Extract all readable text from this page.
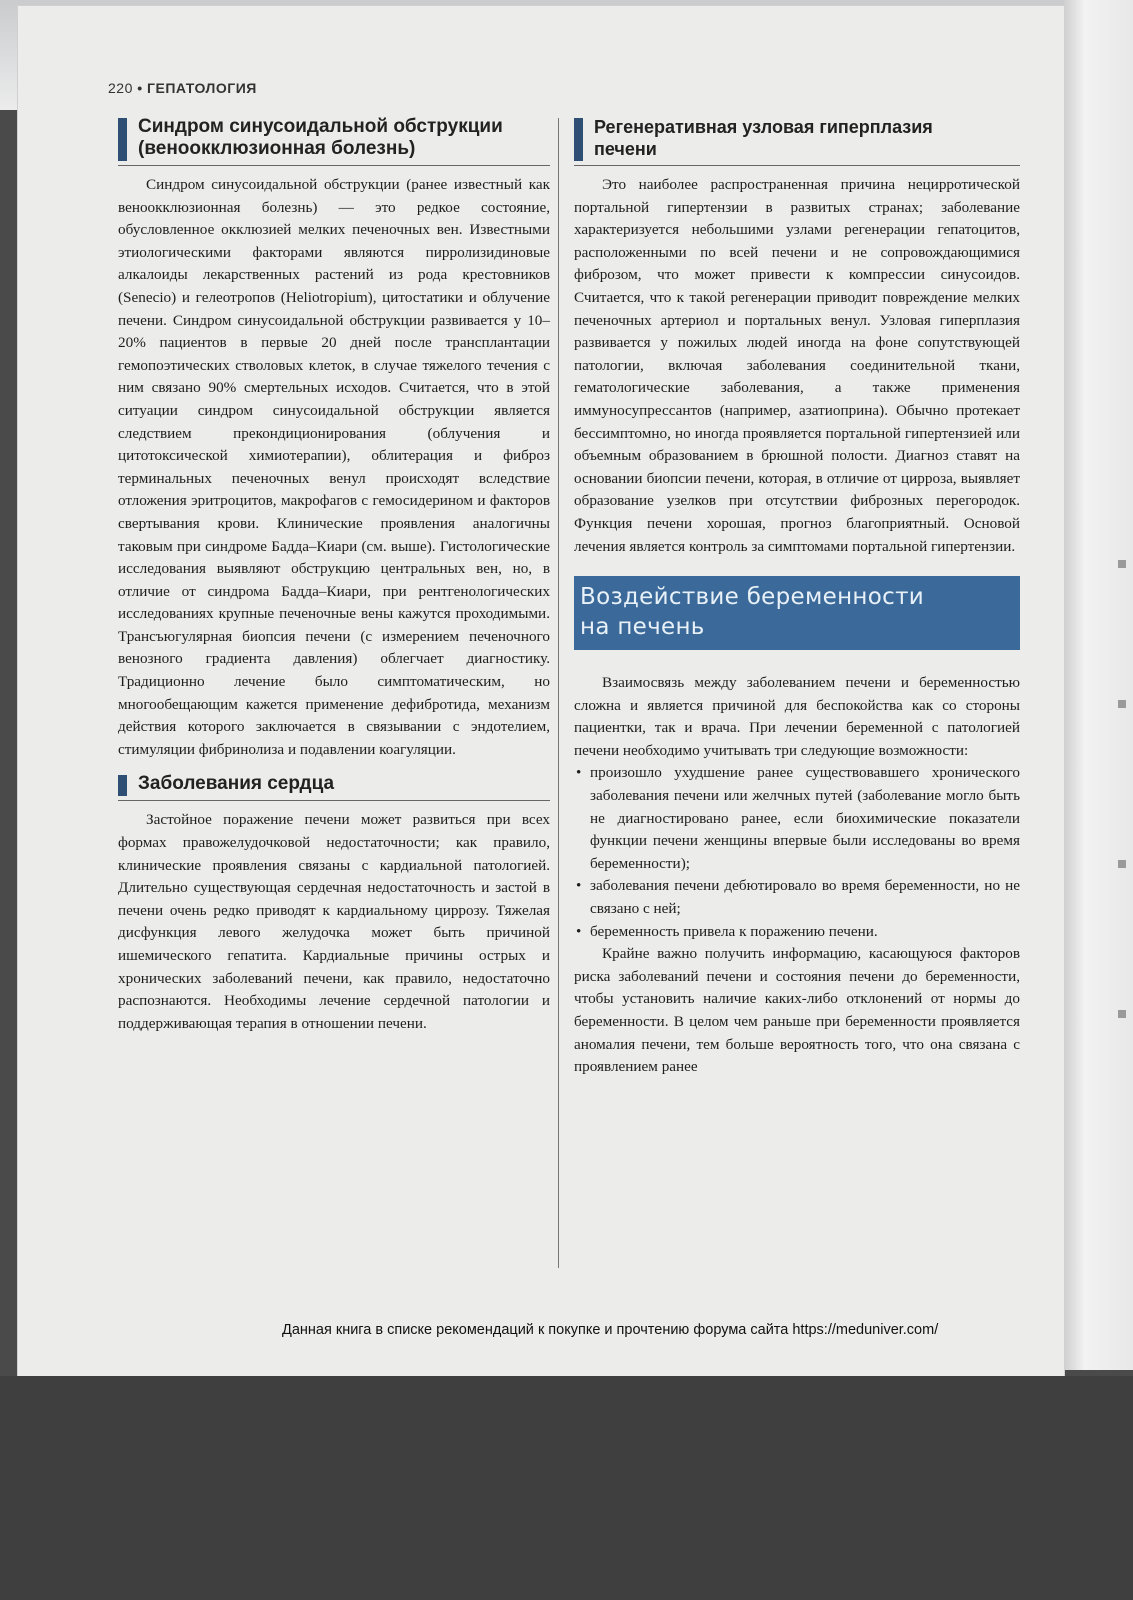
220 • ГЕПАТОЛОГИЯ
Синдром синусоидальной обструкции
(веноокклюзионная болезнь)

Синдром синусоидальной обструкции (ранее известный как веноокклюзионная болезнь) — это редкое состояние, обусловленное окклюзией мелких печеночных вен. Известными этиологическими факторами являются пирролизидиновые алкалоиды лекарственных растений из рода крестовников (Senecio) и гелеотропов (Heliotropium), цитостатики и облучение печени. Синдром синусоидальной обструкции развивается у 10–20% пациентов в первые 20 дней после трансплантации гемопоэтических стволовых клеток, в случае тяжелого течения с ним связано 90% смертельных исходов. Считается, что в этой ситуации синдром синусоидальной обструкции является следствием прекондиционирования (облучения и цитотоксической химиотерапии), облитерация и фиброз терминальных печеночных венул происходят вследствие отложения эритроцитов, макрофагов с гемосидерином и факторов свертывания крови. Клинические проявления аналогичны таковым при синдроме Бадда–Киари (см. выше). Гистологические исследования выявляют обструкцию центральных вен, но, в отличие от синдрома Бадда–Киари, при рентгенологических исследованиях крупные печеночные вены кажутся проходимыми. Трансъюгулярная биопсия печени (с измерением печеночного венозного градиента давления) облегчает диагностику. Традиционно лечение было симптоматическим, но многообещающим кажется применение дефибротида, механизм действия которого заключается в связывании с эндотелием, стимуляции фибринолиза и подавлении коагуляции.

Заболевания сердца

Застойное поражение печени может развиться при всех формах правожелудочковой недостаточности; как правило, клинические проявления связаны с кардиальной патологией. Длительно существующая сердечная недостаточность и застой в печени очень редко приводят к кардиальному циррозу. Тяжелая дисфункция левого желудочка может быть причиной ишемического гепатита. Кардиальные причины острых и хронических заболеваний печени, как правило, недостаточно распознаются. Необходимы лечение сердечной патологии и поддерживающая терапия в отношении печени.

Регенеративная узловая гиперплазия
печени

Это наиболее распространенная причина нецирротической портальной гипертензии в развитых странах; заболевание характеризуется небольшими узлами регенерации гепатоцитов, расположенными по всей печени и не сопровождающимися фиброзом, что может привести к компрессии синусоидов. Считается, что к такой регенерации приводит повреждение мелких печеночных артериол и портальных венул. Узловая гиперплазия развивается у пожилых людей иногда на фоне сопутствующей патологии, включая заболевания соединительной ткани, гематологические заболевания, а также применения иммуносупрессантов (например, азатиоприна). Обычно протекает бессимптомно, но иногда проявляется портальной гипертензией или объемным образованием в брюшной полости. Диагноз ставят на основании биопсии печени, которая, в отличие от цирроза, выявляет образование узелков при отсутствии фиброзных перегородок. Функция печени хорошая, прогноз благоприятный. Основой лечения является контроль за симптомами портальной гипертензии.

Воздействие беременности
на печень

Взаимосвязь между заболеванием печени и беременностью сложна и является причиной для беспокойства как со стороны пациентки, так и врача. При лечении беременной с патологией печени необходимо учитывать три следующие возможности:

• произошло ухудшение ранее существовавшего хронического заболевания печени или желчных путей (заболевание могло быть не диагностировано ранее, если биохимические показатели функции печени женщины впервые были исследованы во время беременности);
• заболевания печени дебютировало во время беременности, но не связано с ней;
• беременность привела к поражению печени.

Крайне важно получить информацию, касающуюся факторов риска заболеваний печени и состояния печени до беременности, чтобы установить наличие каких-либо отклонений от нормы до беременности. В целом чем раньше при беременности проявляется аномалия печени, тем больше вероятность того, что она связана с проявлением ранее

Данная книга в списке рекомендаций к покупке и прочтению форума сайта https://meduniver.com/
